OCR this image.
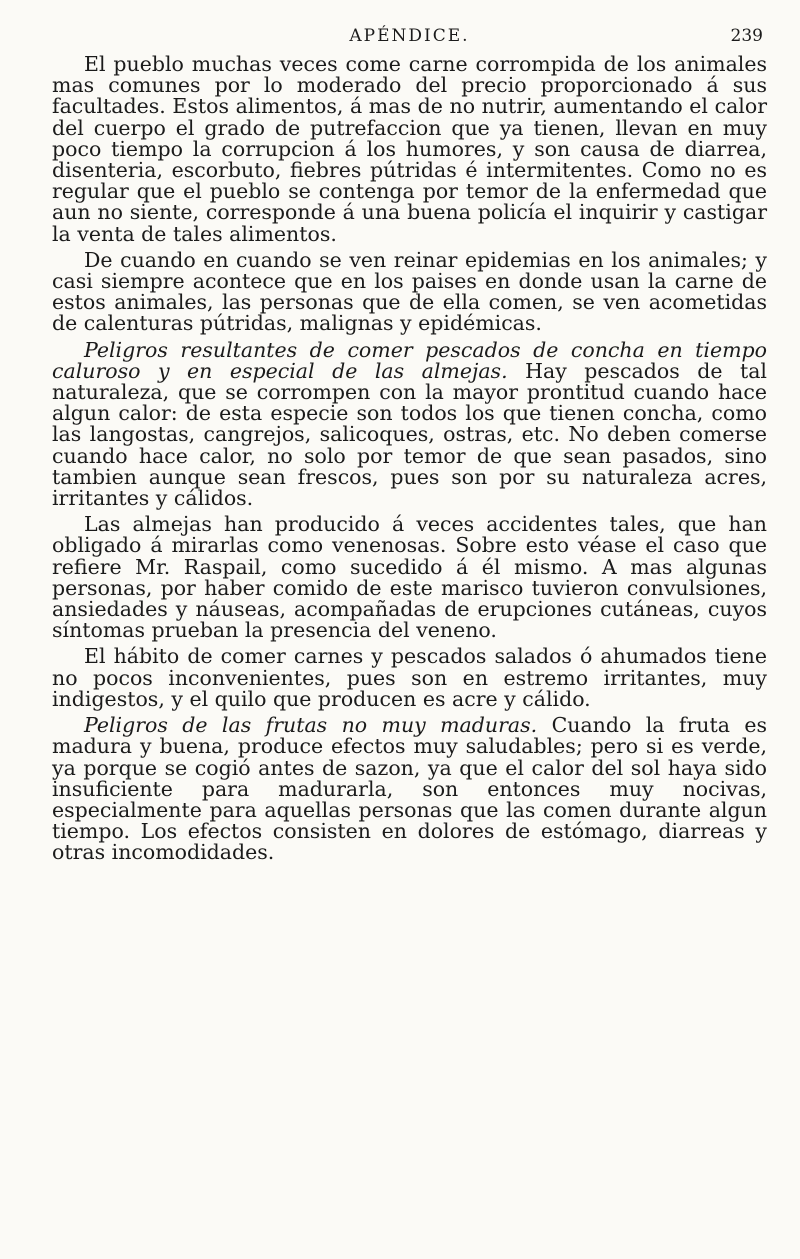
APÉNDICE.	239

El pueblo muchas veces come carne corrompida de los animales mas comunes por lo moderado del precio proporcionado á sus facultades. Estos alimentos, á mas de no nutrir, aumentando el calor del cuerpo el grado de putrefaccion que ya tienen, llevan en muy poco tiempo la corrupcion á los humores, y son causa de diarrea, disenteria, escorbuto, fiebres pútridas é intermitentes. Como no es regular que el pueblo se contenga por temor de la enfermedad que aun no siente, corresponde á una buena policía el inquirir y castigar la venta de tales alimentos.

De cuando en cuando se ven reinar epidemias en los animales; y casi siempre acontece que en los paises en donde usan la carne de estos animales, las personas que de ella comen, se ven acometidas de calenturas pútridas, malignas y epidémicas.

Peligros resultantes de comer pescados de concha en tiempo caluroso y en especial de las almejas. Hay pescados de tal naturaleza, que se corrompen con la mayor prontitud cuando hace algun calor: de esta especie son todos los que tienen concha, como las langostas, cangrejos, salicoques, ostras, etc. No deben comerse cuando hace calor, no solo por temor de que sean pasados, sino tambien aunque sean frescos, pues son por su naturaleza acres, irritantes y cálidos.

Las almejas han producido á veces accidentes tales, que han obligado á mirarlas como venenosas. Sobre esto véase el caso que refiere Mr. Raspail, como sucedido á él mismo. A mas algunas personas, por haber comido de este marisco tuvieron convulsiones, ansiedades y náuseas, acompañadas de erupciones cutáneas, cuyos síntomas prueban la presencia del veneno.

El hábito de comer carnes y pescados salados ó ahumados tiene no pocos inconvenientes, pues son en estremo irritantes, muy indigestos, y el quilo que producen es acre y cálido.

Peligros de las frutas no muy maduras. Cuando la fruta es madura y buena, produce efectos muy saludables; pero si es verde, ya porque se cogió antes de sazon, ya que el calor del sol haya sido insuficiente para madurarla, son entonces muy nocivas, especialmente para aquellas personas que las comen durante algun tiempo. Los efectos consisten en dolores de estómago, diarreas y otras incomodidades.
